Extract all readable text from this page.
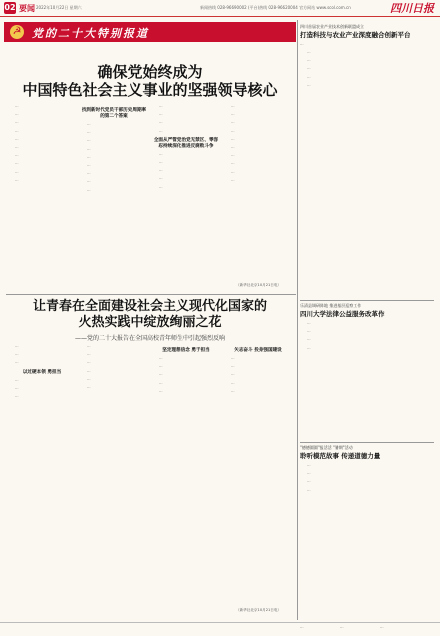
02 要闻 2022年10月22日 星期六	新闻热线 028-96690002 (平台)热线 028-96620004 官方网站 www.scol.com.cn	四川日报
☭ 党的二十大特别报道
确保党始终成为
中国特色社会主义事业的坚强领导核心

…

…

…

…

…

…

…

…

…

…

找到新时代党员干部历史周期率的第二个答案

…

…

…

…

…

…

…

…

…

…

…

…

…

全面从严管党治党无禁区、零容忍持续深化推进反腐败斗争

…

…

…

…

…

…

…

…

…

…

…

…

…

…

…

（新华社北京10月21日电）
让青春在全面建设社会主义现代化国家的
火热实践中绽放绚丽之花
——党的二十大报告在全国高校青年师生中引起强烈反响

…

…

…

以过硬本领 勇担当

…

…

…

…

…

…

…

…

…

坚定理想信念 勇于担当

…

…

…

…

…

矢志奋斗 投身强国建设

…

…

…

…

…

（新华社北京10月21日电）

四川首届农业产业技术创新联盟成立

打造科技与农业产业深度融合创新平台

…

…

…

…

…

…

乐清县调研阵地 推进基层巡察工作

四川大学法律公益服务改革作

…

…

…

…

"德德圆圆"报活活 "暑期"活动

聆听模范故事 传递道德力量

…

…

…

…

…	…	…
